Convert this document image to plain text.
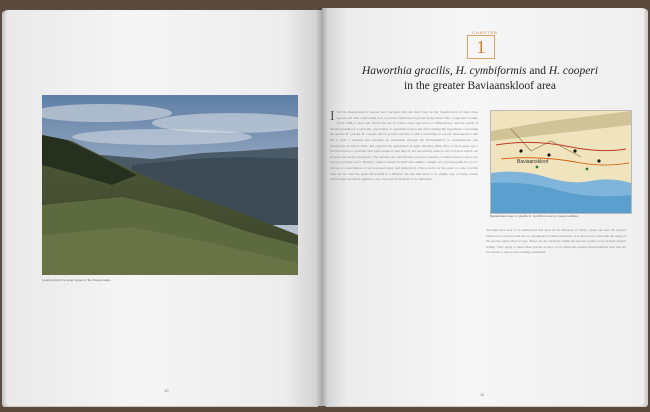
Looking down the upper slopes of the Kouga range...
10
CHAPTER
1
Haworthia gracilis, H. cymbiformis and H. cooperi
in the greater Baviaanskloof area
Iwill be disappointed if anyone has concluded that any final view on the classification of these three species and their relationship is in a position which has long been in my mind. Why I supposed recently (from 1998) is that I am offered the use of a more close approach to a different key, and the results of the Baviaanskloof. I need this opportunity to speculate both in the field writing my hypothesis concerning the species H. gracilis, H. cooperi and H. gracilis and this is what I would like to record. Subsequent to that the 2 years I planned and executed an expedition through the Baviaanskloof to Grahamstown and thereabouts in March 2001, and repeated the exploration in April and May 2004. Five or more years ago I felt that there is a problem with plant names in that they do not necessarily reflect a set of objects which can be seen and easily recognised. The naming and classification process is purely of human interest and is not always precisely exact. Having a name is handy in itself and, unlike a sample of a growing plant in a pot, a picture or a description, it can be passed about and understood. I have tried over the years to come to terms with the fact that the genus Haworthia is a difficult one and that there is no simple way of being certain which name should be applied to any one plant in the field or in cultivation.
Baviaanskloof
Baviaanskloof area: H. gracilis, H. cymbiformis and H. cooperi localities
drawings then seek to be understood and used. In the interests of clarity, where one sees the species name not as a fixed point but as a grouping of related variations, it is necessary to describe the range of the species rather than its type. These are the variables within the species as they occur in their natural setting. They apply to these three species as they occur within the general Baviaanskloof area and are not meant to replace the existing treatments.
11
